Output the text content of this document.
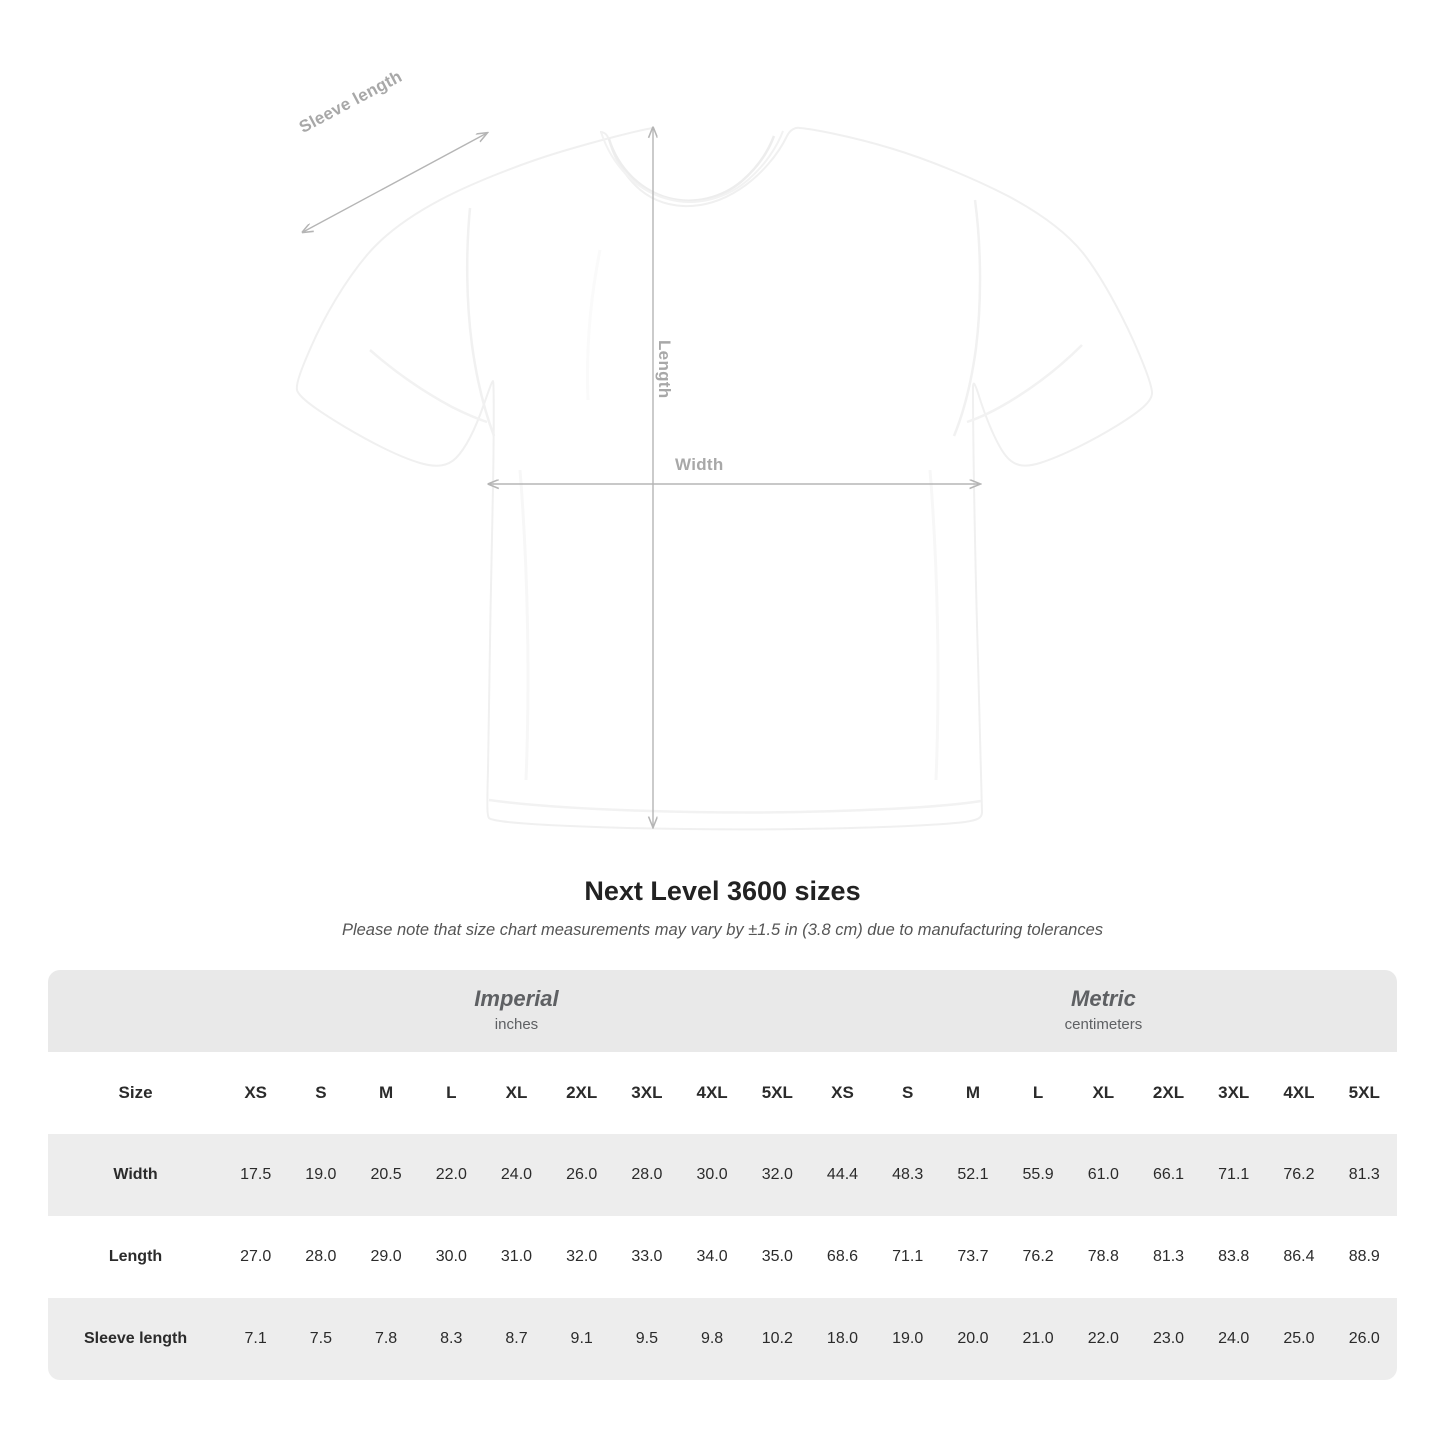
Sleeve length
Length
Width
Next Level 3600 sizes

Please note that size chart measurements may vary by ±1.5 in (3.8 cm) due to manufacturing tolerances

Imperial
inches

Metric
centimeters

Size	XS	S	M	L	XL	2XL	3XL	4XL	5XL	XS	S	M	L	XL	2XL	3XL	4XL	5XL
Width	17.5	19.0	20.5	22.0	24.0	26.0	28.0	30.0	32.0	44.4	48.3	52.1	55.9	61.0	66.1	71.1	76.2	81.3
Length	27.0	28.0	29.0	30.0	31.0	32.0	33.0	34.0	35.0	68.6	71.1	73.7	76.2	78.8	81.3	83.8	86.4	88.9
Sleeve length	7.1	7.5	7.8	8.3	8.7	9.1	9.5	9.8	10.2	18.0	19.0	20.0	21.0	22.0	23.0	24.0	25.0	26.0
